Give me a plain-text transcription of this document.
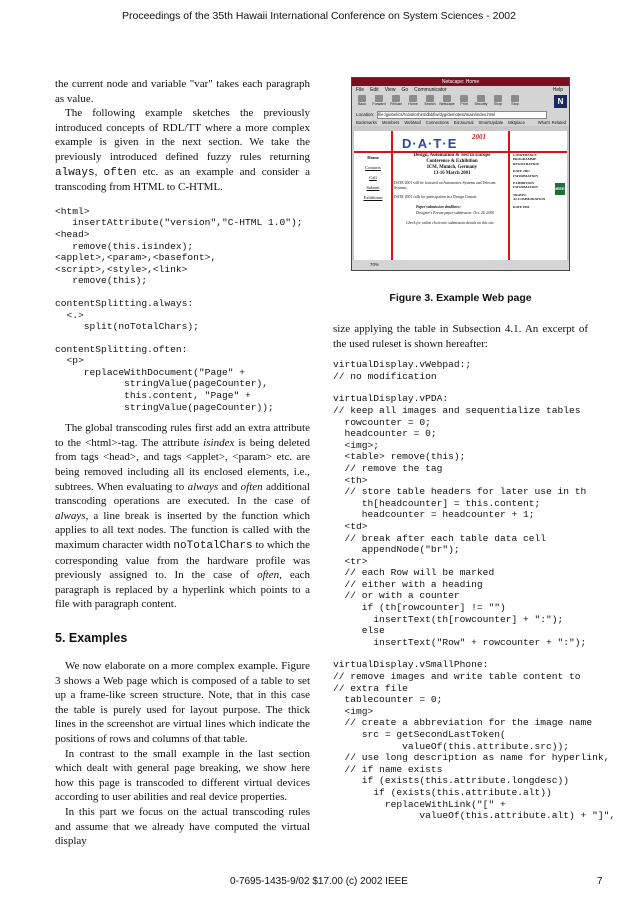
Proceedings of the 35th Hawaii International Conference on System Sciences - 2002

the current node and variable "var" takes each paragraph as value.

The following example sketches the previously introduced concepts of RDL/TT where a more complex example is given in the next section. We take the previously introduced defined fuzzy rules returning always, often etc. as an example and consider a transcoding from HTML to C-HTML.

<html>
insertAttribute("version","C-HTML 1.0");
<head>
remove(this.isindex);
<applet>,<param>,<basefont>,
<script>,<style>,<link>
remove(this);
contentSplitting.always:
<.>
split(noTotalChars);
contentSplitting.often:
<p>
replaceWithDocument("Page" +
stringValue(pageCounter),
this.content, "Page" +
stringValue(pageCounter));

The global transcoding rules first add an extra attribute to the <html>-tag. The attribute isindex is being deleted from tags <head>, and tags <applet>, <param> etc. are being removed including all its enclosed elements, i.e., subtrees. When evaluating to always and often additional transcoding operations are executed. In the case of always, a line break is inserted by the function which applies to all text nodes. The function is called with the maximum character width noTotalChars to which the corresponding value from the hardware profile was previously assigned to. In the case of often, each paragraph is replaced by a hyperlink which points to a file with paragraph content.

5. Examples

We now elaborate on a more complex example. Figure 3 shows a Web page which is composed of a table to set up a frame-like screen structure. Note, that in this case the table is purely used for layout purpose. The thick lines in the screenshot are virtual lines which indicate the positions of rows and columns of that table.

In contrast to the small example in the last section which dealt with general page breaking, we show here how this page is transcoded to different virtual devices according to user abilities and real device properties.

In this part we focus on the actual transcoding rules and assume that we already have computed the virtual display

Netscape: Home
File Edit View Go Communicator	Help
Back Forward Reload Home Search Netscape Print Security Shop	Stop	N
Location: file:/giebel/cs/rcdat/cshirs/dbbfiw/dyg/demotest/main/index.html
Bookmarks Members WebMail Connections BizJournal SmartUpdate Mktplace	What's Related
D·A·T·E 2001
Home
Contacts
Call
Submit
Exhibition
Design, Automation & Test in Europe
Conference & Exhibition
ICM, Munich, Germany
13-16 March 2001
DATE 2001 will be focussed on Automotive Systems and Telecom Systems.
DATE 2001 calls for participation in a Design Contest.
Paper submission deadlines:
Designer's Forum paper submission: Oct. 24, 2000
Check for online electronic submission details on this site.
CONFERENCE
PROGRAMME
REGISTRATION
DATE 2001
INFORMATION
EXHIBITION
INFORMATION
TRAVEL
ACCOMMODATION
DATE PDF
IEEE
70%
Figure 3. Example Web page

size applying the table in Subsection 4.1. An excerpt of the used ruleset is shown hereafter:

virtualDisplay.vWebpad:;
// no modification
virtualDisplay.vPDA:
// keep all images and sequentialize tables
rowcounter = 0;
headcounter = 0;
<img>;
<table> remove(this);
// remove the tag
<th>
// store table headers for later use in th
th[headcounter] = this.content;
headcounter = headcounter + 1;
<td>
// break after each table data cell
appendNode("br");
<tr>
// each Row will be marked
// either with a heading
// or with a counter
if (th[rowcounter] != "")
insertText(th[rowcounter] + ":");
else
insertText("Row" + rowcounter + ":");
virtualDisplay.vSmallPhone:
// remove images and write table content to
// extra file
tablecounter = 0;
<img>
// create a abbreviation for the image name
src = getSecondLastToken(
valueOf(this.attribute.src));
// use long description as name for hyperlink,
// if name exists
if (exists(this.attribute.longdesc))
if (exists(this.attribute.alt))
replaceWithLink("[" +
valueOf(this.attribute.alt) + "]",
0-7695-1435-9/02 $17.00 (c) 2002 IEEE	7
